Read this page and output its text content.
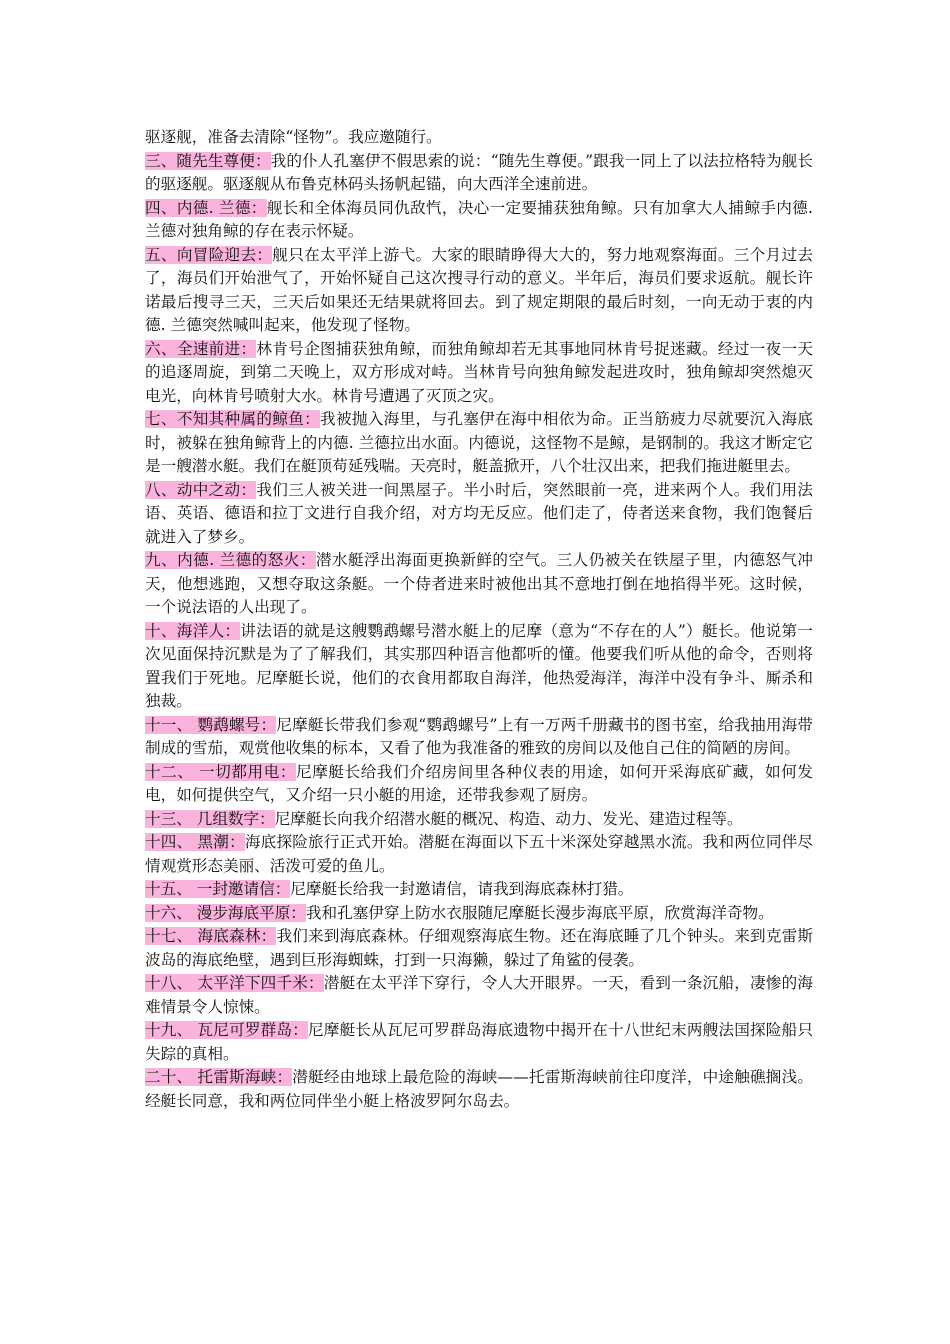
驱逐舰，准备去清除“怪物”。我应邀随行。

三、随先生尊便：我的仆人孔塞伊不假思索的说：“随先生尊便。”跟我一同上了以法拉格特为舰长的驱逐舰。驱逐舰从布鲁克林码头扬帆起锚，向大西洋全速前进。

四、内德. 兰德：舰长和全体海员同仇敌忾，决心一定要捕获独角鲸。只有加拿大人捕鲸手内德. 兰德对独角鲸的存在表示怀疑。

五、向冒险迎去：舰只在太平洋上游弋。大家的眼睛睁得大大的，努力地观察海面。三个月过去了，海员们开始泄气了，开始怀疑自己这次搜寻行动的意义。半年后，海员们要求返航。舰长许诺最后搜寻三天，三天后如果还无结果就将回去。到了规定期限的最后时刻，一向无动于衷的内德. 兰德突然喊叫起来，他发现了怪物。

六、全速前进：林肯号企图捕获独角鲸，而独角鲸却若无其事地同林肯号捉迷藏。经过一夜一天的追逐周旋，到第二天晚上，双方形成对峙。当林肯号向独角鲸发起进攻时，独角鲸却突然熄灭电光，向林肯号喷射大水。林肯号遭遇了灭顶之灾。

七、不知其种属的鲸鱼：我被抛入海里，与孔塞伊在海中相依为命。正当筋疲力尽就要沉入海底时，被躲在独角鲸背上的内德. 兰德拉出水面。内德说，这怪物不是鲸，是钢制的。我这才断定它是一艘潜水艇。我们在艇顶苟延残喘。天亮时，艇盖掀开，八个壮汉出来，把我们拖进艇里去。

八、动中之动：我们三人被关进一间黑屋子。半小时后，突然眼前一亮，进来两个人。我们用法语、英语、德语和拉丁文进行自我介绍，对方均无反应。他们走了，侍者送来食物，我们饱餐后就进入了梦乡。

九、内德. 兰德的怒火：潜水艇浮出海面更换新鲜的空气。三人仍被关在铁屋子里，内德怒气冲天，他想逃跑，又想夺取这条艇。一个侍者进来时被他出其不意地打倒在地掐得半死。这时候，一个说法语的人出现了。

十、海洋人：讲法语的就是这艘鹦鹉螺号潜水艇上的尼摩（意为“不存在的人”）艇长。他说第一次见面保持沉默是为了了解我们，其实那四种语言他都听的懂。他要我们听从他的命令，否则将置我们于死地。尼摩艇长说，他们的衣食用都取自海洋，他热爱海洋，海洋中没有争斗、厮杀和独裁。

十一、 鹦鹉螺号：尼摩艇长带我们参观“鹦鹉螺号”上有一万两千册藏书的图书室，给我抽用海带制成的雪茄，观赏他收集的标本，又看了他为我准备的雅致的房间以及他自己住的简陋的房间。

十二、 一切都用电：尼摩艇长给我们介绍房间里各种仪表的用途，如何开采海底矿藏，如何发电，如何提供空气，又介绍一只小艇的用途，还带我参观了厨房。

十三、 几组数字：尼摩艇长向我介绍潜水艇的概况、构造、动力、发光、建造过程等。

十四、 黑潮：海底探险旅行正式开始。潜艇在海面以下五十米深处穿越黑水流。我和两位同伴尽情观赏形态美丽、活泼可爱的鱼儿。

十五、 一封邀请信：尼摩艇长给我一封邀请信，请我到海底森林打猎。

十六、 漫步海底平原：我和孔塞伊穿上防水衣服随尼摩艇长漫步海底平原，欣赏海洋奇物。

十七、 海底森林：我们来到海底森林。仔细观察海底生物。还在海底睡了几个钟头。来到克雷斯波岛的海底绝壁，遇到巨形海蜘蛛，打到一只海獭，躲过了角鲨的侵袭。

十八、 太平洋下四千米：潜艇在太平洋下穿行，令人大开眼界。一天，看到一条沉船，凄惨的海难情景令人惊悚。

十九、 瓦尼可罗群岛：尼摩艇长从瓦尼可罗群岛海底遗物中揭开在十八世纪末两艘法国探险船只失踪的真相。

二十、 托雷斯海峡：潜艇经由地球上最危险的海峡——托雷斯海峡前往印度洋，中途触礁搁浅。经艇长同意，我和两位同伴坐小艇上格波罗阿尔岛去。
